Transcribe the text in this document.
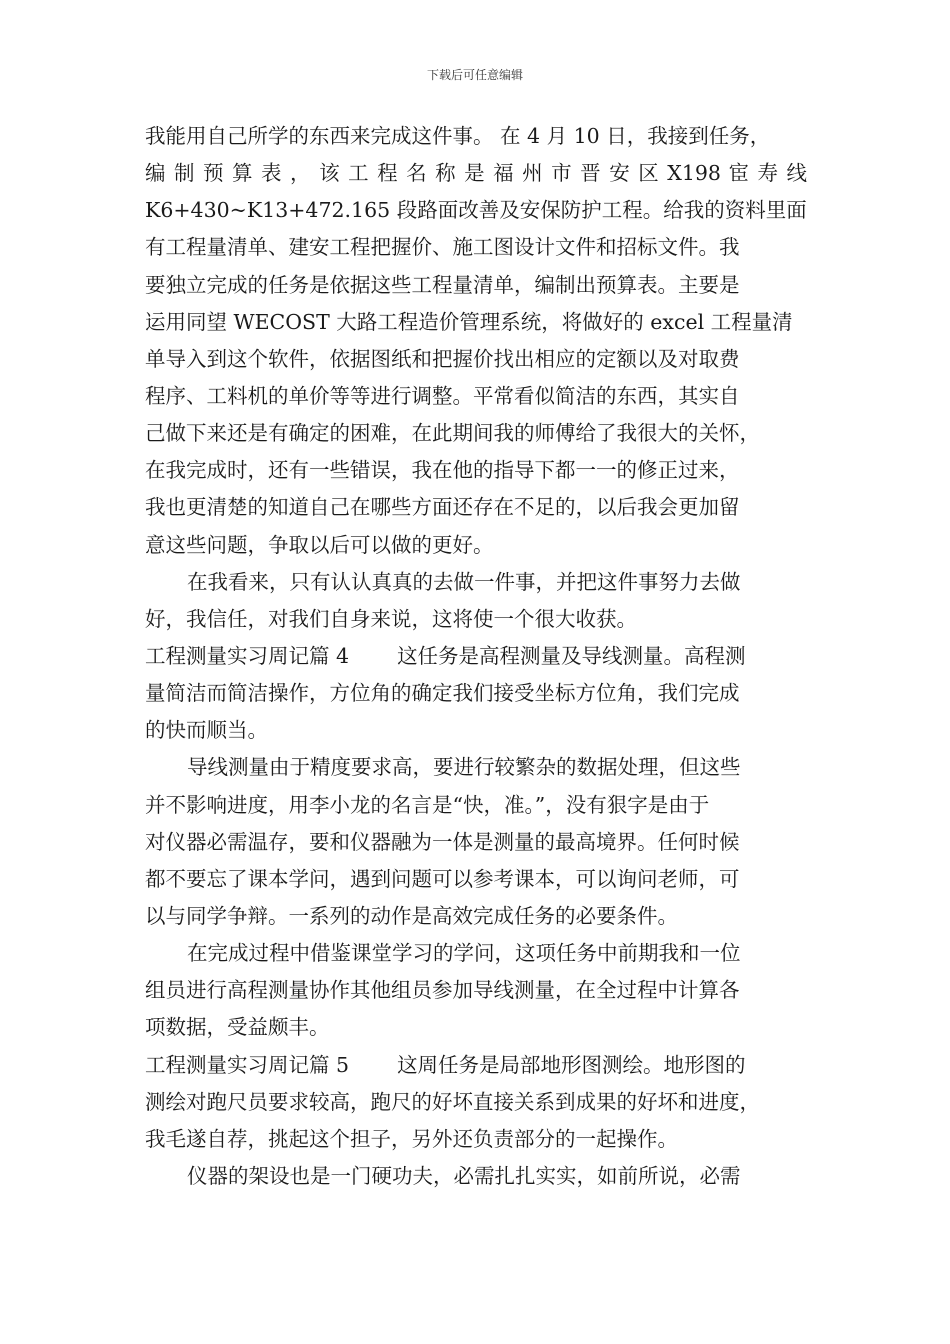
下载后可任意编辑
我能用自己所学的东西来完成这件事。 在 4 月 10 日，我接到任务，
编 制 预 算 表 ， 该 工 程 名 称 是 福 州 市 晋 安 区 X198 宦 寿 线
K6+430~K13+472.165 段路面改善及安保防护工程。给我的资料里面
有工程量清单、建安工程把握价、施工图设计文件和招标文件。我
要独立完成的任务是依据这些工程量清单，编制出预算表。主要是
运用同望 WECOST 大路工程造价管理系统，将做好的 excel 工程量清
单导入到这个软件，依据图纸和把握价找出相应的定额以及对取费
程序、工料机的单价等等进行调整。平常看似简洁的东西，其实自
己做下来还是有确定的困难，在此期间我的师傅给了我很大的关怀，
在我完成时，还有一些错误，我在他的指导下都一一的修正过来，
我也更清楚的知道自己在哪些方面还存在不足的，以后我会更加留
意这些问题，争取以后可以做的更好。
在我看来，只有认认真真的去做一件事，并把这件事努力去做
好，我信任，对我们自身来说，这将使一个很大收获。
工程测量实习周记篇 4 这任务是高程测量及导线测量。高程测
量简洁而简洁操作，方位角的确定我们接受坐标方位角，我们完成
的快而顺当。
导线测量由于精度要求高，要进行较繁杂的数据处理，但这些
并不影响进度，用李小龙的名言是“快，准。”，没有狠字是由于
对仪器必需温存，要和仪器融为一体是测量的最高境界。任何时候
都不要忘了课本学问，遇到问题可以参考课本，可以询问老师，可
以与同学争辩。一系列的动作是高效完成任务的必要条件。
在完成过程中借鉴课堂学习的学问，这项任务中前期我和一位
组员进行高程测量协作其他组员参加导线测量，在全过程中计算各
项数据，受益颇丰。
工程测量实习周记篇 5 这周任务是局部地形图测绘。地形图的
测绘对跑尺员要求较高，跑尺的好坏直接关系到成果的好坏和进度，
我毛遂自荐，挑起这个担子，另外还负责部分的一起操作。
仪器的架设也是一门硬功夫，必需扎扎实实，如前所说，必需
